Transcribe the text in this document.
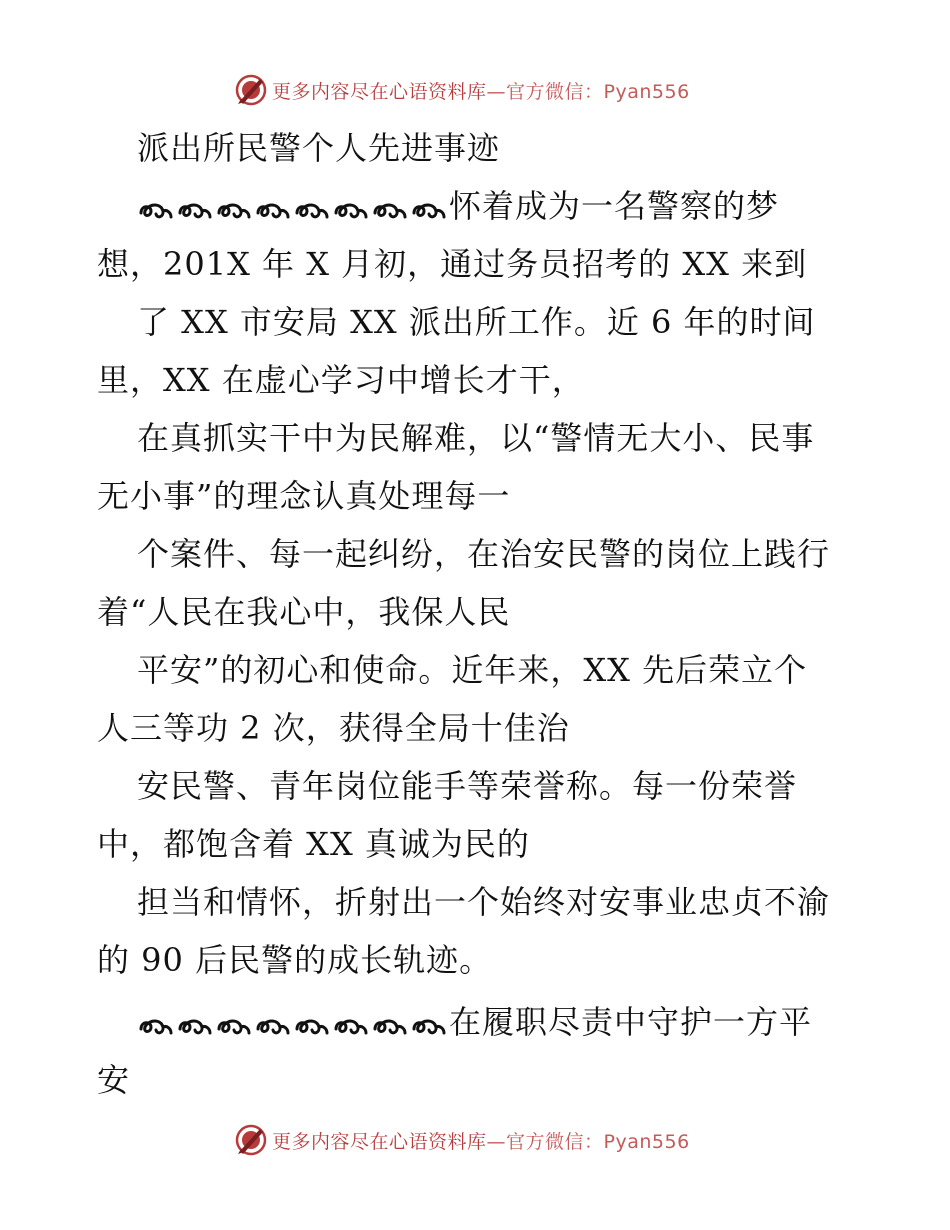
更多内容尽在心语资料库—官方微信：Pyan556
派出所民警个人先进事迹
怀着成为一名警察的梦
想，201X 年 X 月初，通过务员招考的 XX 来到
了 XX 市安局 XX 派出所工作。近 6 年的时间
里，XX 在虚心学习中增长才干，
在真抓实干中为民解难，以“警情无大小、民事
无小事”的理念认真处理每一
个案件、每一起纠纷，在治安民警的岗位上践行
着“人民在我心中，我保人民
平安”的初心和使命。近年来，XX 先后荣立个
人三等功 2 次，获得全局十佳治
安民警、青年岗位能手等荣誉称。每一份荣誉
中，都饱含着 XX 真诚为民的
担当和情怀，折射出一个始终对安事业忠贞不渝
的 90 后民警的成长轨迹。
在履职尽责中守护一方平
安
更多内容尽在心语资料库—官方微信：Pyan556
